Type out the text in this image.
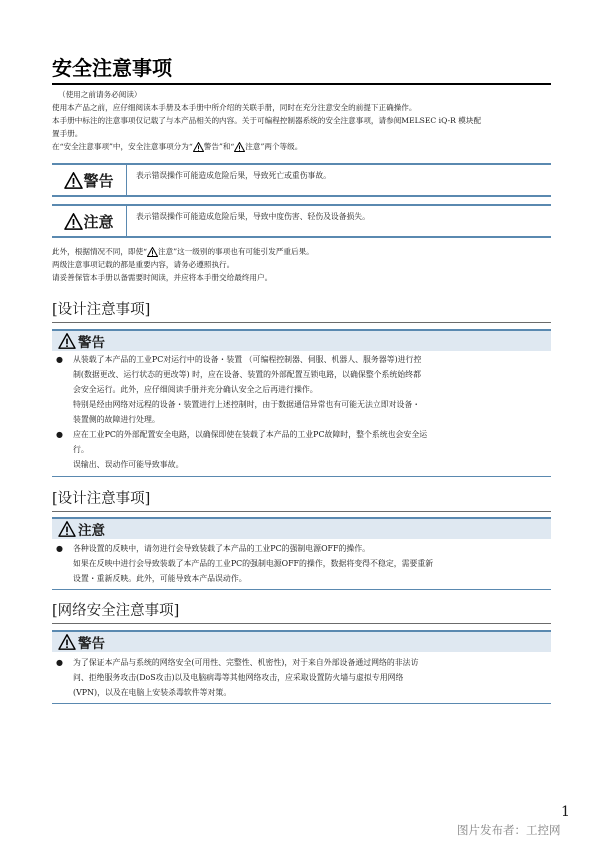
安全注意事项

（使用之前请务必阅读）

使用本产品之前，应仔细阅读本手册及本手册中所介绍的关联手册，同时在充分注意安全的前提下正确操作。

本手册中标注的注意事项仅记载了与本产品相关的内容。关于可编程控制器系统的安全注意事项，请参阅MELSEC iQ-R 模块配

置手册。

在“安全注意事项”中，安全注意事项分为“ 警告”和“ 注意”两个等级。

警告	表示错误操作可能造成危险后果，导致死亡或重伤事故。
注意	表示错误操作可能造成危险后果，导致中度伤害、轻伤及设备损失。

此外，根据情况不同，即使“ 注意”这一级别的事项也有可能引发严重后果。

两级注意事项记载的都是重要内容，请务必遵照执行。

请妥善保管本手册以备需要时阅读，并应将本手册交给最终用户。

[设计注意事项]
警告
● 从装载了本产品的工业PC对运行中的设备・装置 （可编程控制器、伺服、机器人、服务器等)进行控
制(数据更改、运行状态的更改等) 时，应在设备、装置的外部配置互锁电路，以确保整个系统始终都
会安全运行。此外，应仔细阅读手册并充分确认安全之后再进行操作。
特别是经由网络对远程的设备・装置进行上述控制时，由于数据通信异常也有可能无法立即对设备・
装置侧的故障进行处理。
● 应在工业PC的外部配置安全电路，以确保即使在装载了本产品的工业PC故障时，整个系统也会安全运
行。
误输出、误动作可能导致事故。
[设计注意事项]
注意
● 各种设置的反映中，请勿进行会导致装载了本产品的工业PC的强制电源OFF的操作。
如果在反映中进行会导致装载了本产品的工业PC的强制电源OFF的操作，数据将变得不稳定，需要重新
设置・重新反映。此外，可能导致本产品误动作。
[网络安全注意事项]
警告
● 为了保证本产品与系统的网络安全(可用性、完整性、机密性)，对于来自外部设备通过网络的非法访
问、拒绝服务攻击(DoS攻击)以及电脑病毒等其他网络攻击，应采取设置防火墙与虚拟专用网络
(VPN)，以及在电脑上安装杀毒软件等对策。
1
图片发布者：工控网
